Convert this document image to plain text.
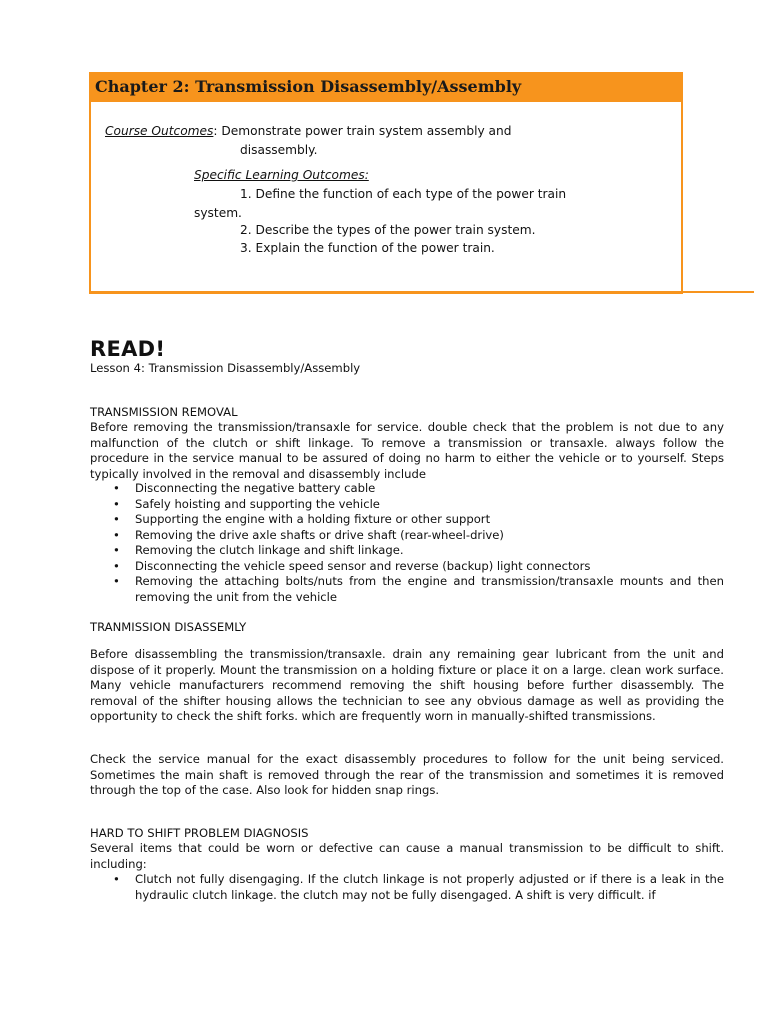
Chapter 2: Transmission Disassembly/Assembly
Course Outcomes: Demonstrate power train system assembly and
disassembly.
Specific Learning Outcomes:
1. Define the function of each type of the power train
system.
2. Describe the types of the power train system.
3. Explain the function of the power train.
READ!
Lesson 4: Transmission Disassembly/Assembly
TRANSMISSION REMOVAL

Before removing the transmission/transaxle for service. double check that the problem is not due to any malfunction of the clutch or shift linkage. To remove a transmission or transaxle. always follow the procedure in the service manual to be assured of doing no harm to either the vehicle or to yourself. Steps typically involved in the removal and disassembly include

• Disconnecting the negative battery cable
• Safely hoisting and supporting the vehicle
• Supporting the engine with a holding fixture or other support
• Removing the drive axle shafts or drive shaft (rear-wheel-drive)
• Removing the clutch linkage and shift linkage.
• Disconnecting the vehicle speed sensor and reverse (backup) light connectors
• Removing the attaching bolts/nuts from the engine and transmission/transaxle mounts and then removing the unit from the vehicle
TRANMISSION DISASSEMLY

Before disassembling the transmission/transaxle. drain any remaining gear lubricant from the unit and dispose of it properly. Mount the transmission on a holding fixture or place it on a large. clean work surface. Many vehicle manufacturers recommend removing the shift housing before further disassembly. The removal of the shifter housing allows the technician to see any obvious damage as well as providing the opportunity to check the shift forks. which are frequently worn in manually-shifted transmissions.

Check the service manual for the exact disassembly procedures to follow for the unit being serviced. Sometimes the main shaft is removed through the rear of the transmission and sometimes it is removed through the top of the case. Also look for hidden snap rings.

HARD TO SHIFT PROBLEM DIAGNOSIS

Several items that could be worn or defective can cause a manual transmission to be difficult to shift. including:

• Clutch not fully disengaging. If the clutch linkage is not properly adjusted or if there is a leak in the hydraulic clutch linkage. the clutch may not be fully disengaged. A shift is very difficult. if
